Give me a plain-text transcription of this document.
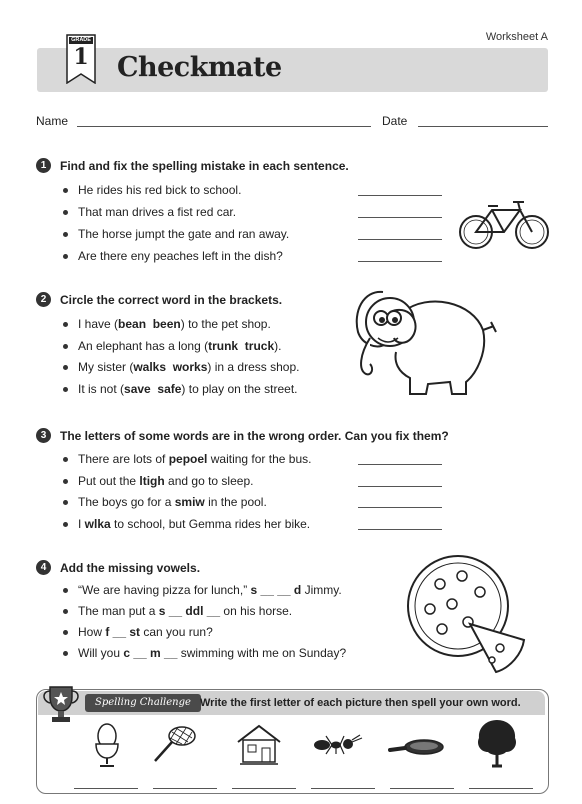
Worksheet A
GRADE
1 Checkmate
Name	Date
1	Find and fix the spelling mistake in each sentence.
He rides his red bick to school.
That man drives a fist red car.
The horse jumpt the gate and ran away.
Are there eny peaches left in the dish?
2	Circle the correct word in the brackets.
I have (bean been) to the pet shop.
An elephant has a long (trunk truck).
My sister (walks works) in a dress shop.
It is not (save safe) to play on the street.
3	The letters of some words are in the wrong order. Can you fix them?
There are lots of pepoel waiting for the bus.
Put out the ltigh and go to sleep.
The boys go for a smiw in the pool.
I wlka to school, but Gemma rides her bike.
4	Add the missing vowels.
“We are having pizza for lunch,” s __ __ d Jimmy.
The man put a s __ ddl __ on his horse.
How f __ st can you run?
Will you c __ m __ swimming with me on Sunday?
Spelling Challenge Write the first letter of each picture then spell your own word.
